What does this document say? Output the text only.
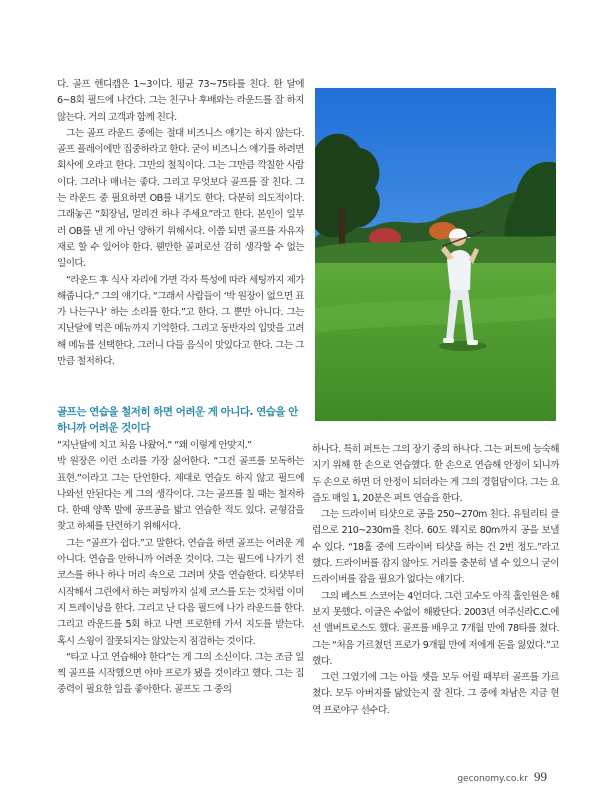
다. 골프 핸디캡은 1~3이다. 평균 73~75타를 친다. 한 달에 6~8회 필드에 나간다. 그는 친구나 후배와는 라운드를 잘 하지 않는다. 거의 고객과 함께 친다.

그는 골프 라운드 중에는 절대 비즈니스 얘기는 하지 않는다. 골프 플레이에만 집중하라고 한다. 굳이 비즈니스 얘기를 하려면 회사에 오라고 한다. 그만의 철칙이다. 그는 그만큼 깍칠한 사람이다. 그러나 매너는 좋다. 그리고 무엇보다 골프를 잘 친다. 그는 라운드 중 필요하면 OB를 내기도 한다. 다분히 의도적이다. 그래놓곤 “회장님, 멀리건 하나 주세요”라고 한다. 본인이 일부러 OB를 낸 게 아닌 양하기 위해서다. 이쯤 되면 골프를 자유자재로 할 수 있어야 한다. 웬만한 골퍼로선 감히 생각할 수 없는 일이다.

“라운드 후 식사 자리에 가면 각자 특성에 따라 세팅까지 제가 해줍니다.” 그의 얘기다. “그래서 사람들이 ‘박 원장이 없으면 표가 나는구나’ 하는 소리를 한다.”고 한다. 그 뿐만 아니다. 그는 지난달에 먹은 메뉴까지 기억한다. 그리고 동반자의 입맛을 고려해 메뉴를 선택한다. 그러니 다들 음식이 맛있다고 한다. 그는 그만큼 철저하다.

골프는 연습을 철저히 하면 어려운 게 아니다. 연습을 안하니까 어려운 것이다

“지난달에 치고 처음 나왔어.” “왜 이렇게 안맞지.”

박 원장은 이런 소리를 가장 싫어한다. “그건 골프를 모독하는 표현.”이라고 그는 단언한다. 제대로 연습도 하지 않고 필드에 나와선 안된다는 게 그의 생각이다. 그는 골프를 칠 때는 철저하다. 한때 양쪽 발에 공프공을 밟고 연습한 적도 있다. 균형감을 찾고 하체를 단련하기 위해서다.

그는 “골프가 쉽다.”고 말한다. 연습을 하면 골프는 어려운 게 아니다. 연습을 안하니까 어려운 것이다. 그는 필드에 나가기 전 코스를 하나 하나 머리 속으로 그려며 샷을 연습한다. 티샷부터 시작해서 그린에서 하는 퍼팅까지 실제 코스를 도는 것처럼 이미지 트레이닝을 한다. 그리고 난 다음 필드에 나가 라운드를 한다. 그리고 라운드를 5회 하고 나면 프로한테 가서 지도를 받는다. 혹시 스윙이 잘못되지는 않았는지 점검하는 것이다.

“타고 나고 연습해야 한다”는 게 그의 소신이다. 그는 조금 일찍 골프를 시작했으면 아마 프로가 됐을 것이라고 했다. 그는 집중력이 필요한 일을 좋아한다. 골프도 그 중의

하나다. 특히 퍼트는 그의 장기 중의 하나다. 그는 퍼트에 능숙해지기 위해 한 손으로 연습했다. 한 손으로 연습해 안정이 되니까 두 손으로 하면 더 안정이 되더라는 게 그의 경험담이다. 그는 요즘도 매일 1, 20분은 퍼트 연습을 한다.

그는 드라이버 티샷으로 공을 250~270m 친다. 유틸리티 클럽으로 210~230m를 친다. 60도 웨지로 80m까지 공을 보낼 수 있다. “18홀 중에 드라이버 티샷을 하는 건 2번 정도.”라고 했다. 드라이버를 잡지 않아도 거리를 충분히 낼 수 있으니 굳이 드라이버를 잡을 필요가 없다는 얘기다.

그의 베스트 스코어는 4언더다. 그런 고수도 아직 홀인원은 해보지 못했다. 이글은 수없이 해봤단다. 2003년 여주신라C.C.에선 앨버트로스도 했다. 골프를 배우고 7개월 만에 78타를 쳤다. 그는 “처음 가르쳤던 프로가 9개월 만에 저에게 돈을 잃었다.”고 했다.

그런 그였기에 그는 아들 셋을 모두 어릴 때부터 골프를 가르쳤다. 모두 아버지를 닮았는지 잘 친다. 그 중에 차남은 지금 현역 프로야구 선수다.

geconomy.co.kr 99
